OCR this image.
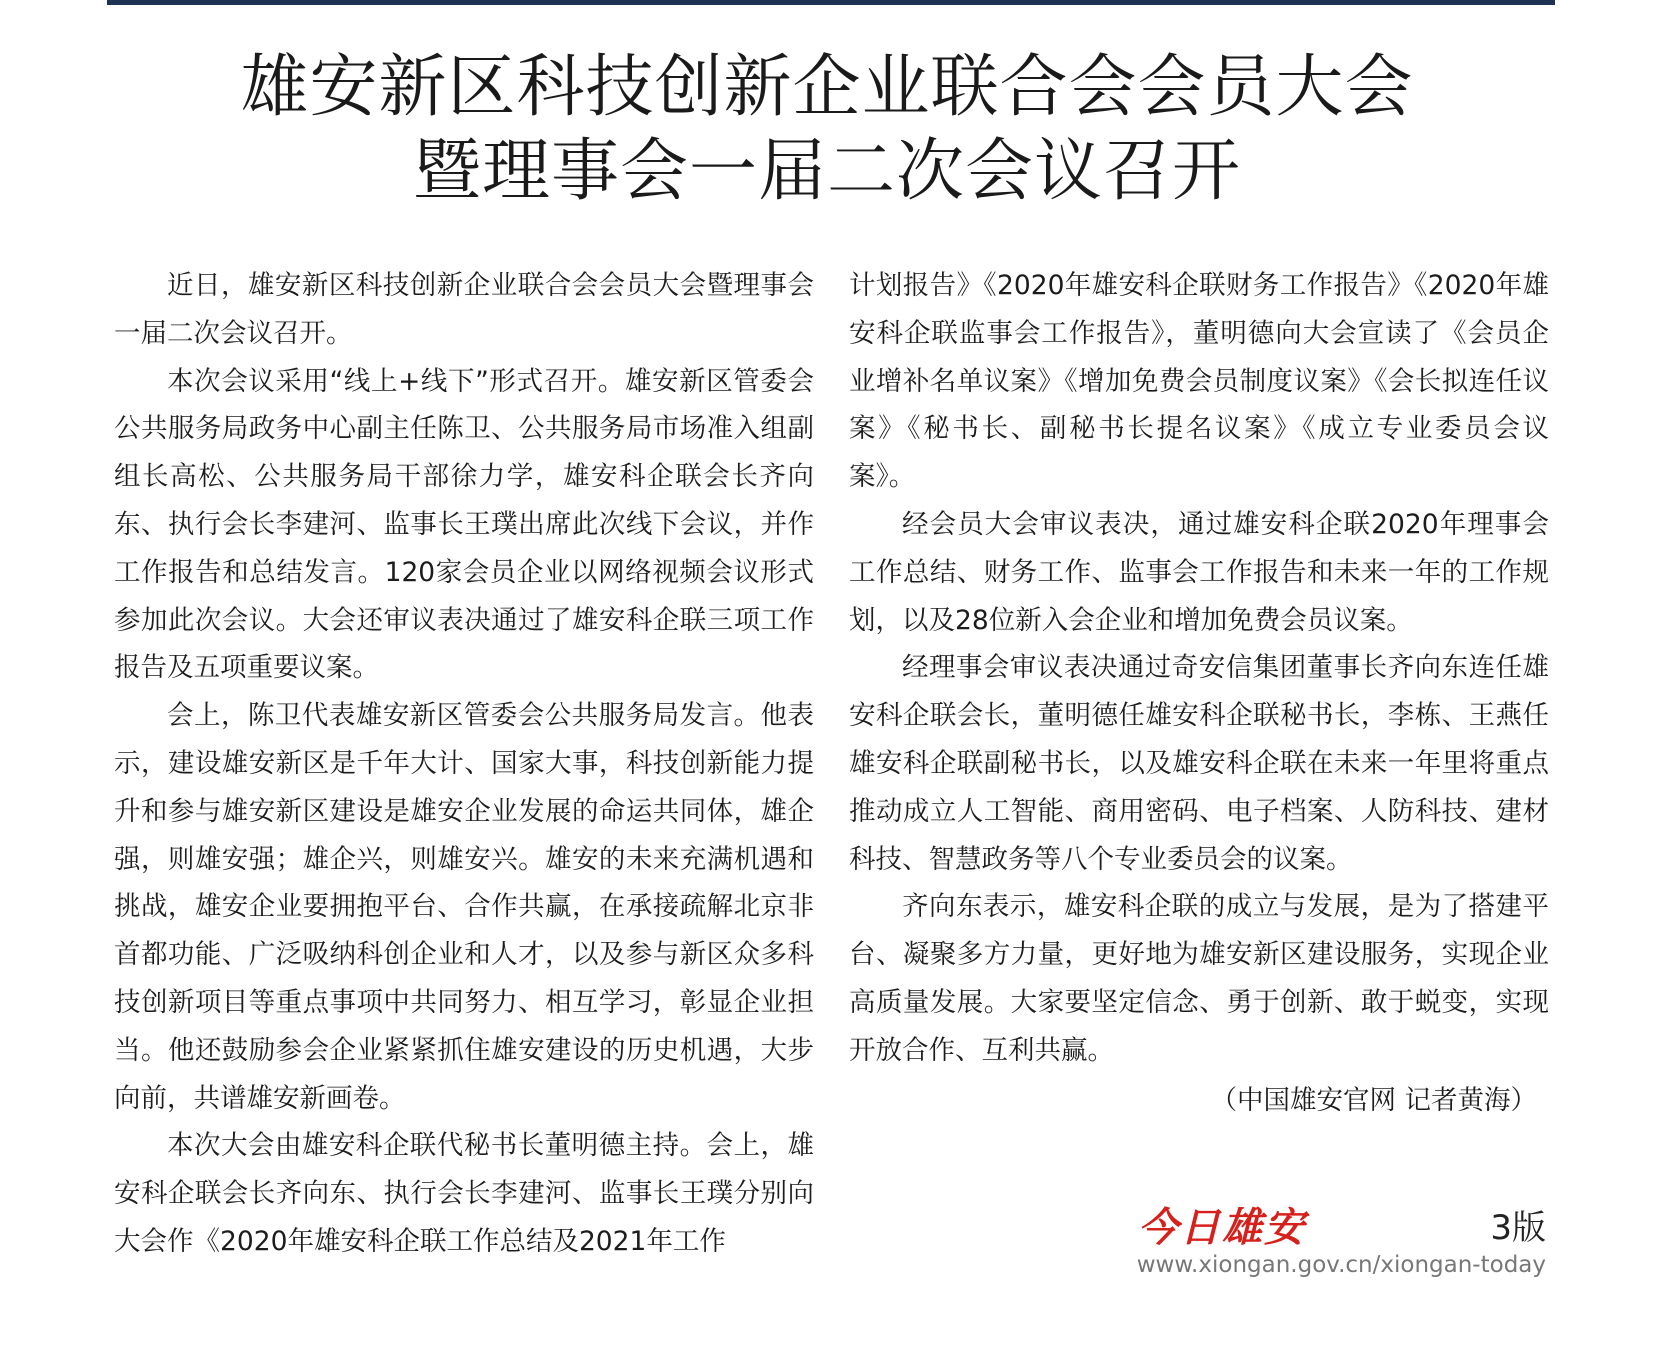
雄安新区科技创新企业联合会会员大会
暨理事会一届二次会议召开

近日，雄安新区科技创新企业联合会会员大会暨理事会一届二次会议召开。

本次会议采用“线上+线下”形式召开。雄安新区管委会公共服务局政务中心副主任陈卫、公共服务局市场准入组副组长高松、公共服务局干部徐力学，雄安科企联会长齐向东、执行会长李建河、监事长王璞出席此次线下会议，并作工作报告和总结发言。120家会员企业以网络视频会议形式参加此次会议。大会还审议表决通过了雄安科企联三项工作报告及五项重要议案。

会上，陈卫代表雄安新区管委会公共服务局发言。他表示，建设雄安新区是千年大计、国家大事，科技创新能力提升和参与雄安新区建设是雄安企业发展的命运共同体，雄企强，则雄安强；雄企兴，则雄安兴。雄安的未来充满机遇和挑战，雄安企业要拥抱平台、合作共赢，在承接疏解北京非首都功能、广泛吸纳科创企业和人才，以及参与新区众多科技创新项目等重点事项中共同努力、相互学习，彰显企业担当。他还鼓励参会企业紧紧抓住雄安建设的历史机遇，大步向前，共谱雄安新画卷。

本次大会由雄安科企联代秘书长董明德主持。会上，雄安科企联会长齐向东、执行会长李建河、监事长王璞分别向大会作《2020年雄安科企联工作总结及2021年工作

计划报告》《2020年雄安科企联财务工作报告》《2020年雄安科企联监事会工作报告》，董明德向大会宣读了《会员企业增补名单议案》《增加免费会员制度议案》《会长拟连任议案》《秘书长、副秘书长提名议案》《成立专业委员会议案》。

经会员大会审议表决，通过雄安科企联2020年理事会工作总结、财务工作、监事会工作报告和未来一年的工作规划，以及28位新入会企业和增加免费会员议案。

经理事会审议表决通过奇安信集团董事长齐向东连任雄安科企联会长，董明德任雄安科企联秘书长，李栋、王燕任雄安科企联副秘书长，以及雄安科企联在未来一年里将重点推动成立人工智能、商用密码、电子档案、人防科技、建材科技、智慧政务等八个专业委员会的议案。

齐向东表示，雄安科企联的成立与发展，是为了搭建平台、凝聚多方力量，更好地为雄安新区建设服务，实现企业高质量发展。大家要坚定信念、勇于创新、敢于蜕变，实现开放合作、互利共赢。

（中国雄安官网 记者黄海）
今日雄安	3版
www.xiongan.gov.cn/xiongan-today
